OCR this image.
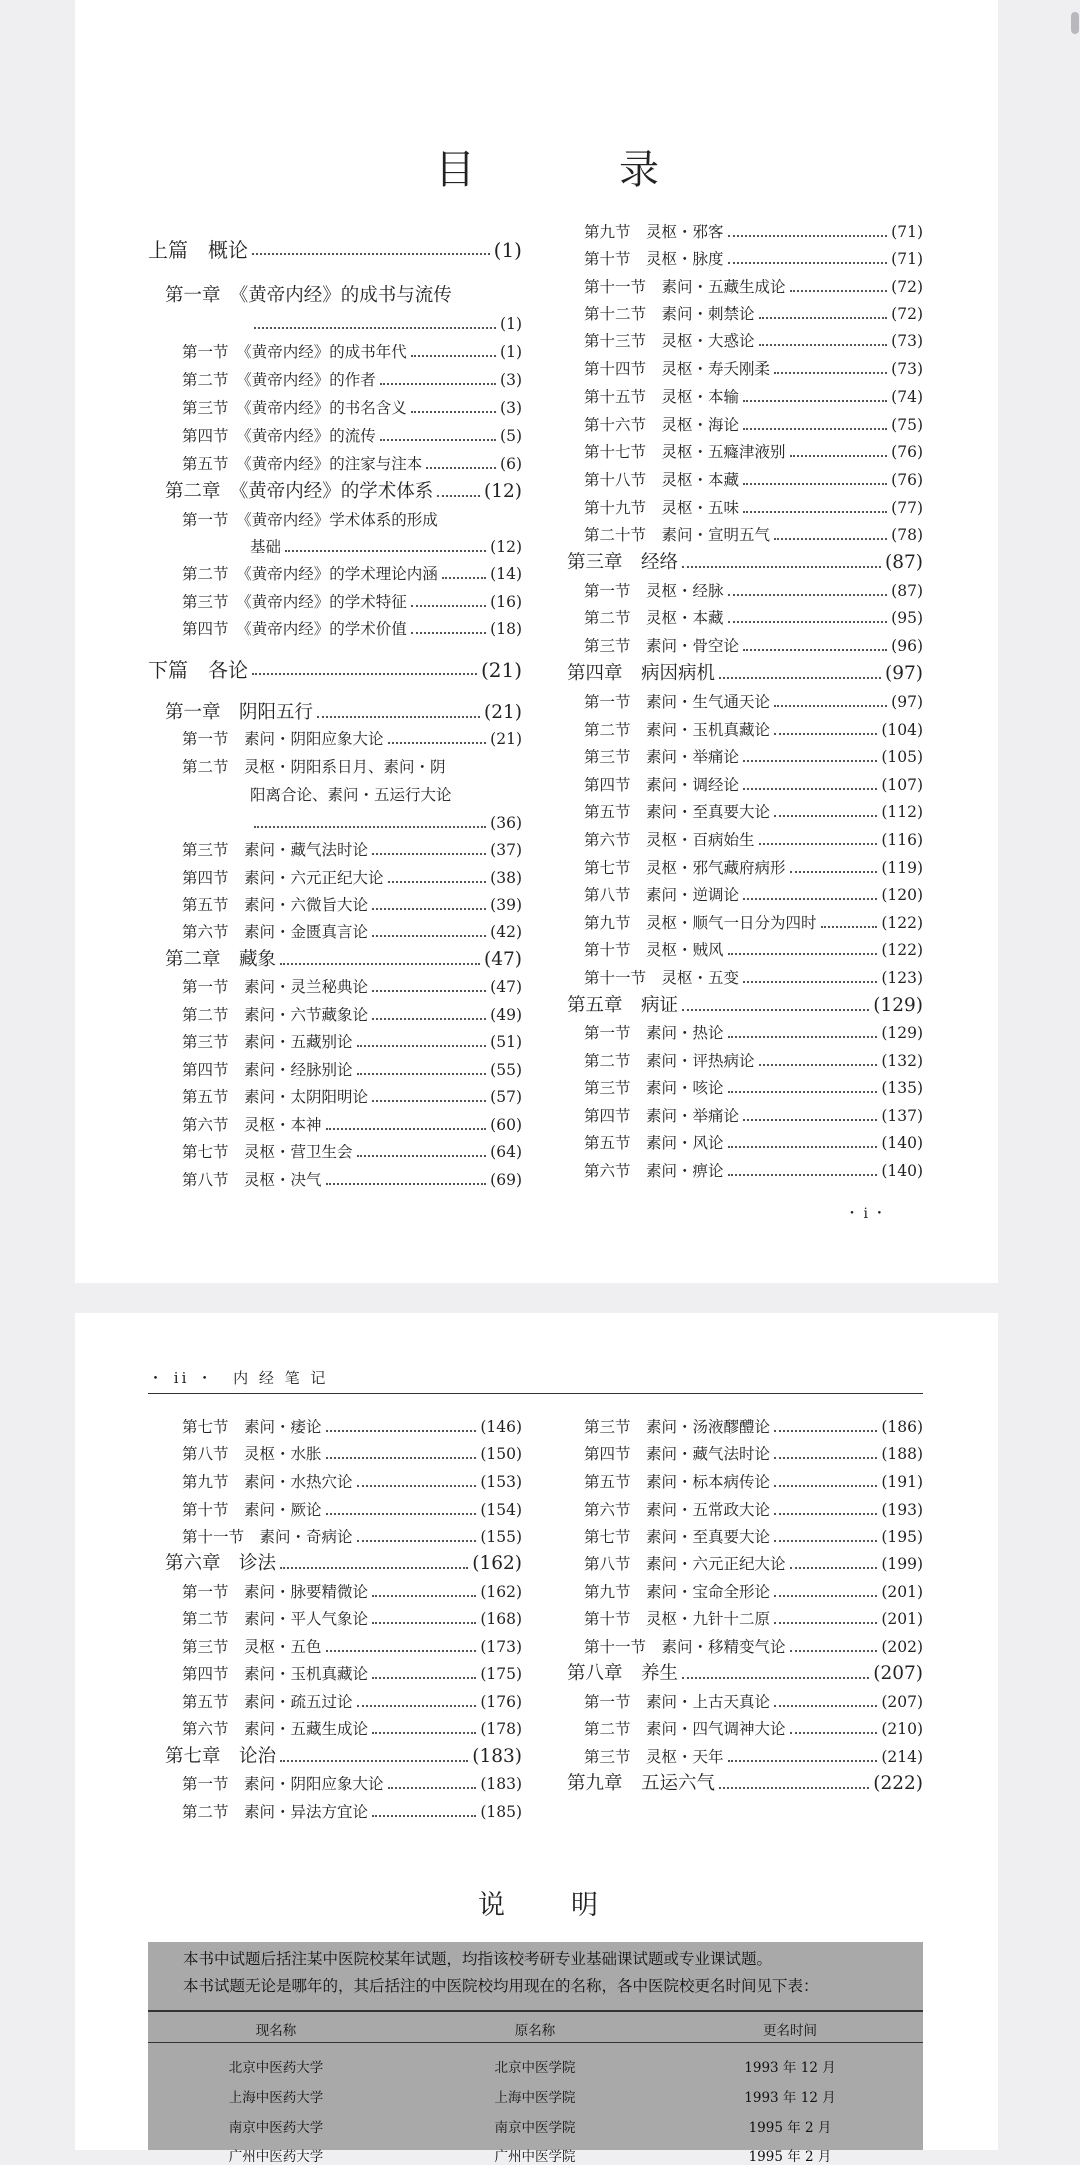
目　　　录
・ i ・
・ ii ・　内 经 笔 记
上篇　概论	(1)
第一章　《黄帝内经》的成书与流传
(1)
第一节　《黄帝内经》的成书年代	(1)
第二节　《黄帝内经》的作者	(3)
第三节　《黄帝内经》的书名含义	(3)
第四节　《黄帝内经》的流传	(5)
第五节　《黄帝内经》的注家与注本	(6)
第二章　《黄帝内经》的学术体系	(12)
第一节　《黄帝内经》学术体系的形成
基础	(12)
第二节　《黄帝内经》的学术理论内涵	(14)
第三节　《黄帝内经》的学术特征	(16)
第四节　《黄帝内经》的学术价值	(18)
下篇　各论	(21)
第一章　阴阳五行	(21)
第一节　素问・阴阳应象大论	(21)
第二节　灵枢・阴阳系日月、素问・阴
阳离合论、素问・五运行大论
(36)
第三节　素问・藏气法时论	(37)
第四节　素问・六元正纪大论	(38)
第五节　素问・六微旨大论	(39)
第六节　素问・金匮真言论	(42)
第二章　藏象	(47)
第一节　素问・灵兰秘典论	(47)
第二节　素问・六节藏象论	(49)
第三节　素问・五藏别论	(51)
第四节　素问・经脉别论	(55)
第五节　素问・太阴阳明论	(57)
第六节　灵枢・本神	(60)
第七节　灵枢・营卫生会	(64)
第八节　灵枢・决气	(69)
第九节　灵枢・邪客	(71)
第十节　灵枢・脉度	(71)
第十一节　素问・五藏生成论	(72)
第十二节　素问・刺禁论	(72)
第十三节　灵枢・大惑论	(73)
第十四节　灵枢・寿夭刚柔	(73)
第十五节　灵枢・本输	(74)
第十六节　灵枢・海论	(75)
第十七节　灵枢・五癃津液别	(76)
第十八节　灵枢・本藏	(76)
第十九节　灵枢・五味	(77)
第二十节　素问・宣明五气	(78)
第三章　经络	(87)
第一节　灵枢・经脉	(87)
第二节　灵枢・本藏	(95)
第三节　素问・骨空论	(96)
第四章　病因病机	(97)
第一节　素问・生气通天论	(97)
第二节　素问・玉机真藏论	(104)
第三节　素问・举痛论	(105)
第四节　素问・调经论	(107)
第五节　素问・至真要大论	(112)
第六节　灵枢・百病始生	(116)
第七节　灵枢・邪气藏府病形	(119)
第八节　素问・逆调论	(120)
第九节　灵枢・顺气一日分为四时	(122)
第十节　灵枢・贼风	(122)
第十一节　灵枢・五变	(123)
第五章　病证	(129)
第一节　素问・热论	(129)
第二节　素问・评热病论	(132)
第三节　素问・咳论	(135)
第四节　素问・举痛论	(137)
第五节　素问・风论	(140)
第六节　素问・痹论	(140)
第七节　素问・痿论	(146)
第八节　灵枢・水胀	(150)
第九节　素问・水热穴论	(153)
第十节　素问・厥论	(154)
第十一节　素问・奇病论	(155)
第六章　诊法	(162)
第一节　素问・脉要精微论	(162)
第二节　素问・平人气象论	(168)
第三节　灵枢・五色	(173)
第四节　素问・玉机真藏论	(175)
第五节　素问・疏五过论	(176)
第六节　素问・五藏生成论	(178)
第七章　论治	(183)
第一节　素问・阴阳应象大论	(183)
第二节　素问・异法方宜论	(185)
第三节　素问・汤液醪醴论	(186)
第四节　素问・藏气法时论	(188)
第五节　素问・标本病传论	(191)
第六节　素问・五常政大论	(193)
第七节　素问・至真要大论	(195)
第八节　素问・六元正纪大论	(199)
第九节　素问・宝命全形论	(201)
第十节　灵枢・九针十二原	(201)
第十一节　素问・移精变气论	(202)
第八章　养生	(207)
第一节　素问・上古天真论	(207)
第二节　素问・四气调神大论	(210)
第三节　灵枢・天年	(214)
第九章　五运六气	(222)
说　　明
本书中试题后括注某中医院校某年试题，均指该校考研专业基础课试题或专业课试题。
本书试题无论是哪年的，其后括注的中医院校均用现在的名称，各中医院校更名时间见下表：
现名称	原名称	更名时间
北京中医药大学	北京中医学院	1993 年 12 月
上海中医药大学	上海中医学院	1993 年 12 月
南京中医药大学	南京中医学院	1995 年 2 月
广州中医药大学	广州中医学院	1995 年 2 月
